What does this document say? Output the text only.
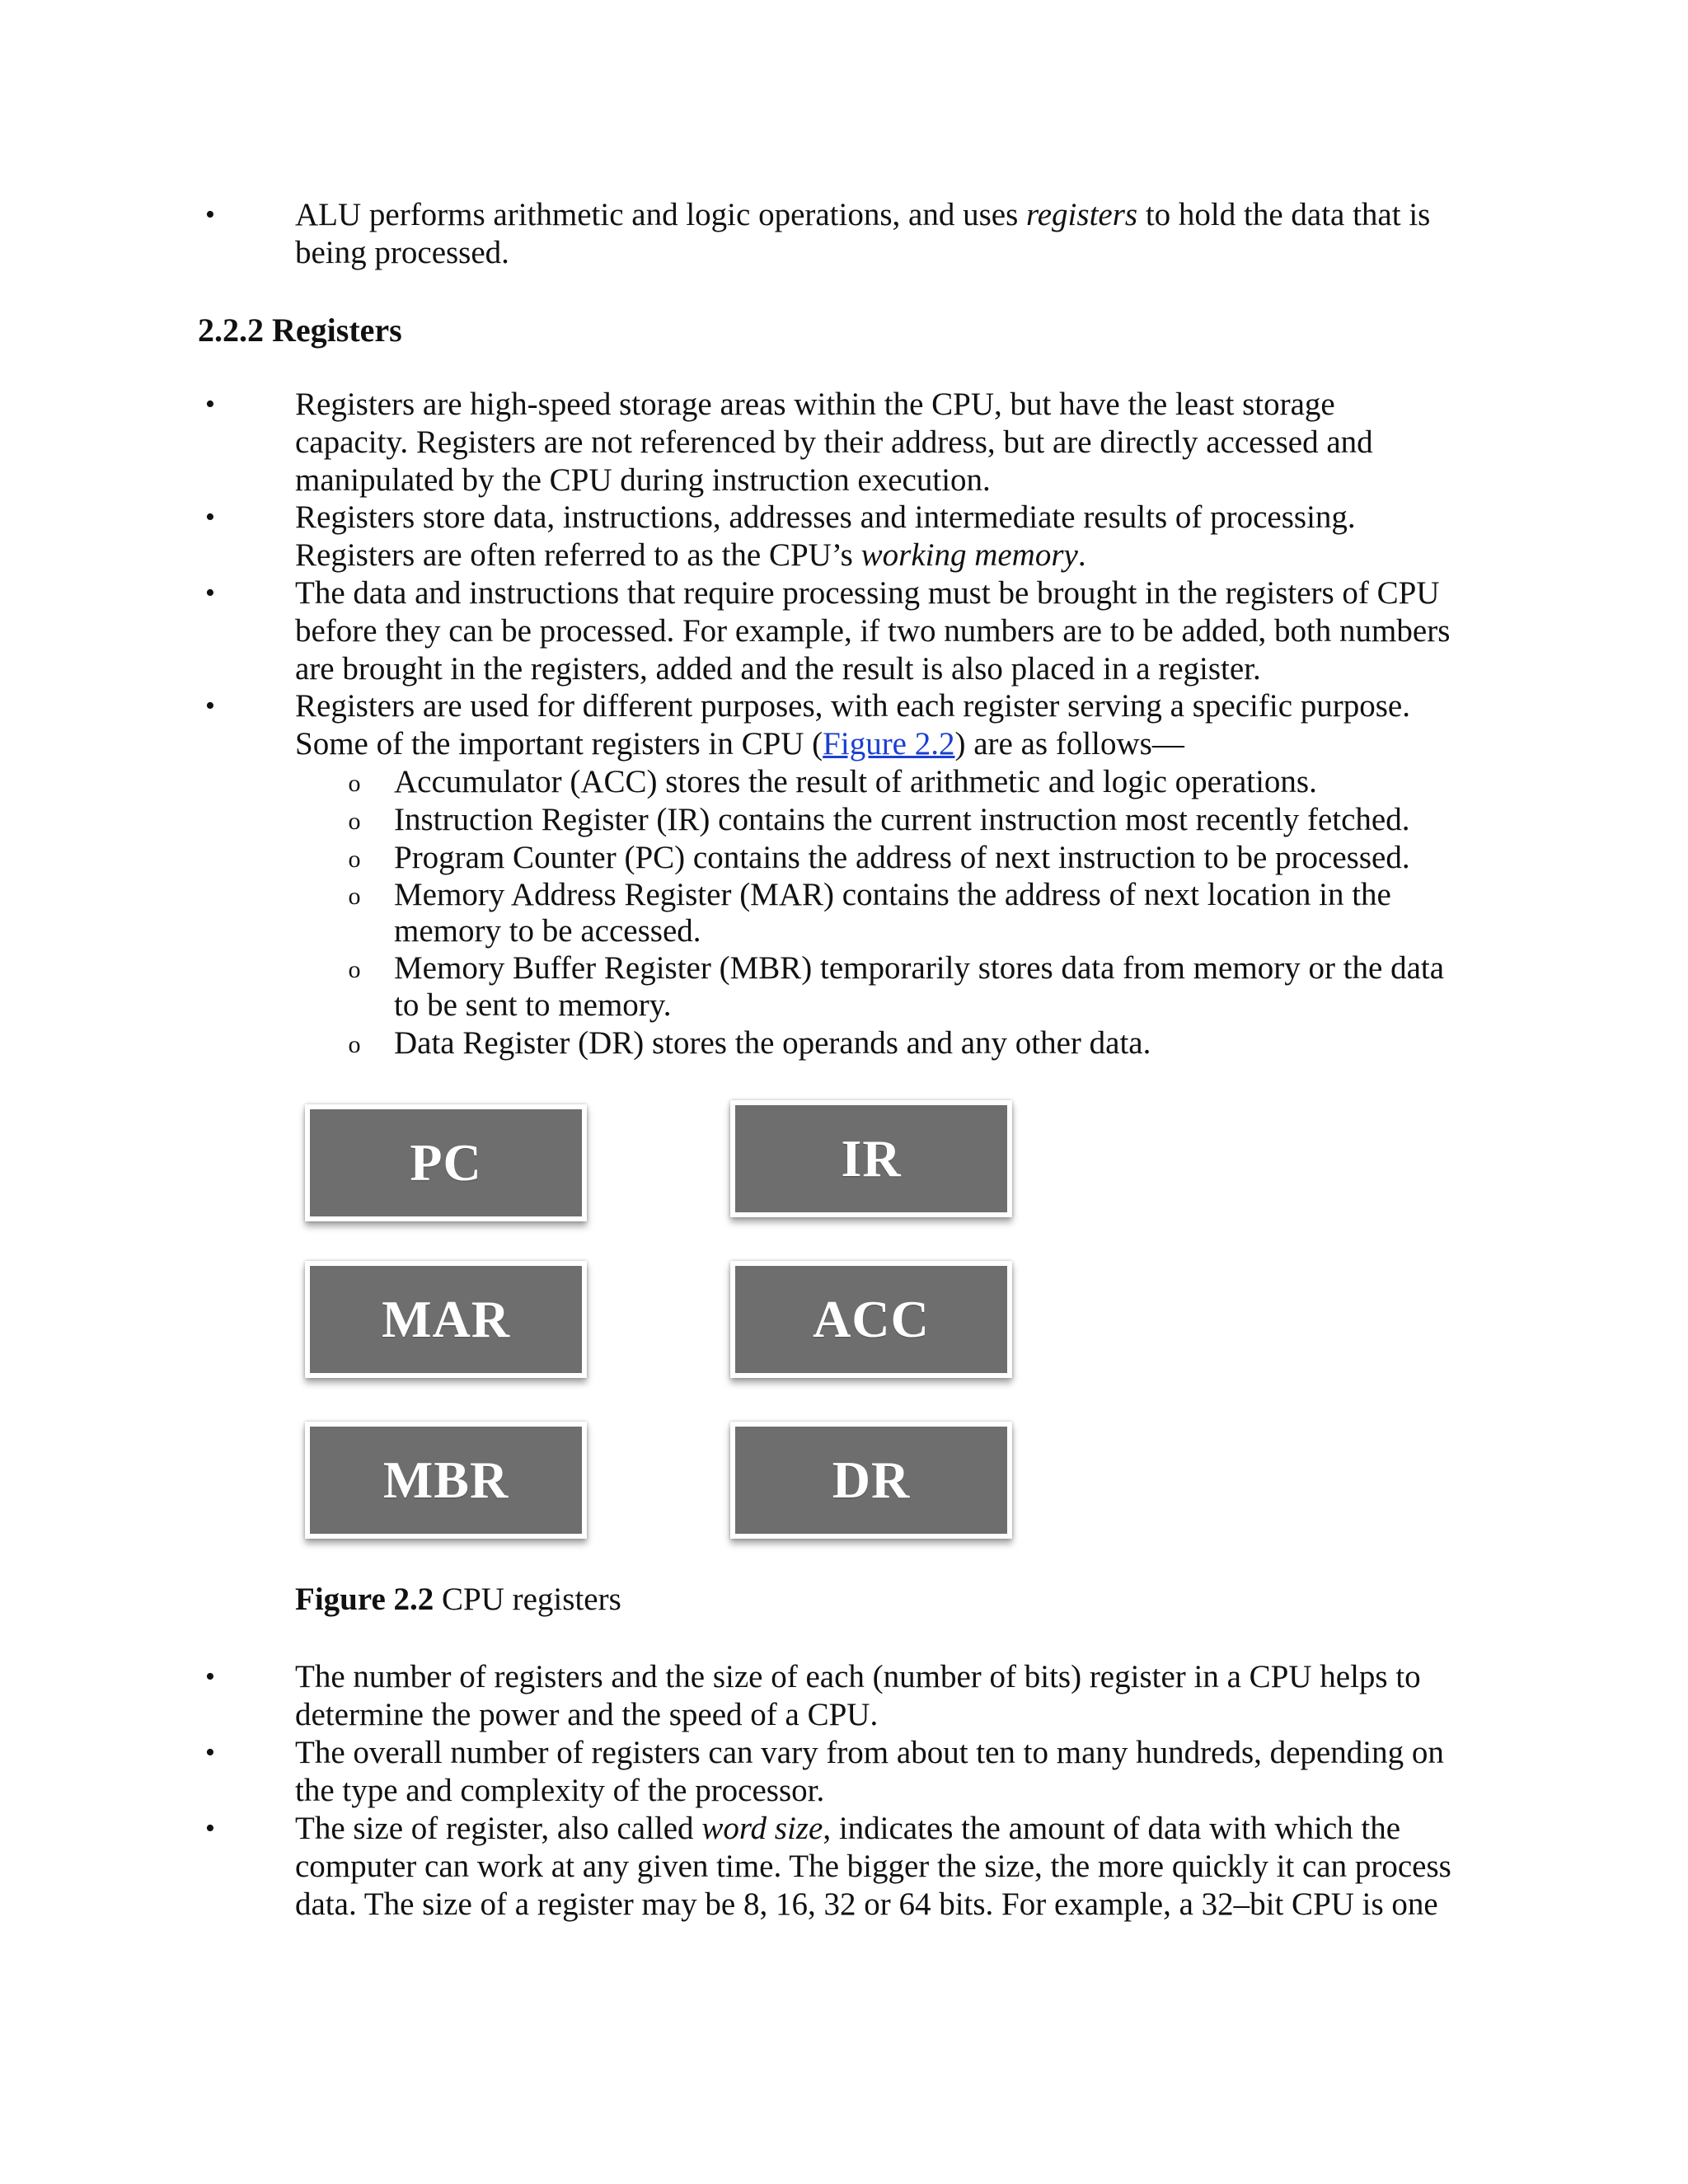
• ALU performs arithmetic and logic operations, and uses registers to hold the data that is
being processed.
2.2.2 Registers
• Registers are high-speed storage areas within the CPU, but have the least storage
capacity. Registers are not referenced by their address, but are directly accessed and
manipulated by the CPU during instruction execution.
• Registers store data, instructions, addresses and intermediate results of processing.
Registers are often referred to as the CPU’s working memory.
• The data and instructions that require processing must be brought in the registers of CPU
before they can be processed. For example, if two numbers are to be added, both numbers
are brought in the registers, added and the result is also placed in a register.
• Registers are used for different purposes, with each register serving a specific purpose.
Some of the important registers in CPU (Figure 2.2) are as follows—
o Accumulator (ACC) stores the result of arithmetic and logic operations.
o Instruction Register (IR) contains the current instruction most recently fetched.
o Program Counter (PC) contains the address of next instruction to be processed.
o Memory Address Register (MAR) contains the address of next location in the
memory to be accessed.
o Memory Buffer Register (MBR) temporarily stores data from memory or the data
to be sent to memory.
o Data Register (DR) stores the operands and any other data.
PC	IR
MAR	ACC
MBR	DR
Figure 2.2 CPU registers
• The number of registers and the size of each (number of bits) register in a CPU helps to
determine the power and the speed of a CPU.
• The overall number of registers can vary from about ten to many hundreds, depending on
the type and complexity of the processor.
• The size of register, also called word size, indicates the amount of data with which the
computer can work at any given time. The bigger the size, the more quickly it can process
data. The size of a register may be 8, 16, 32 or 64 bits. For example, a 32–bit CPU is one
